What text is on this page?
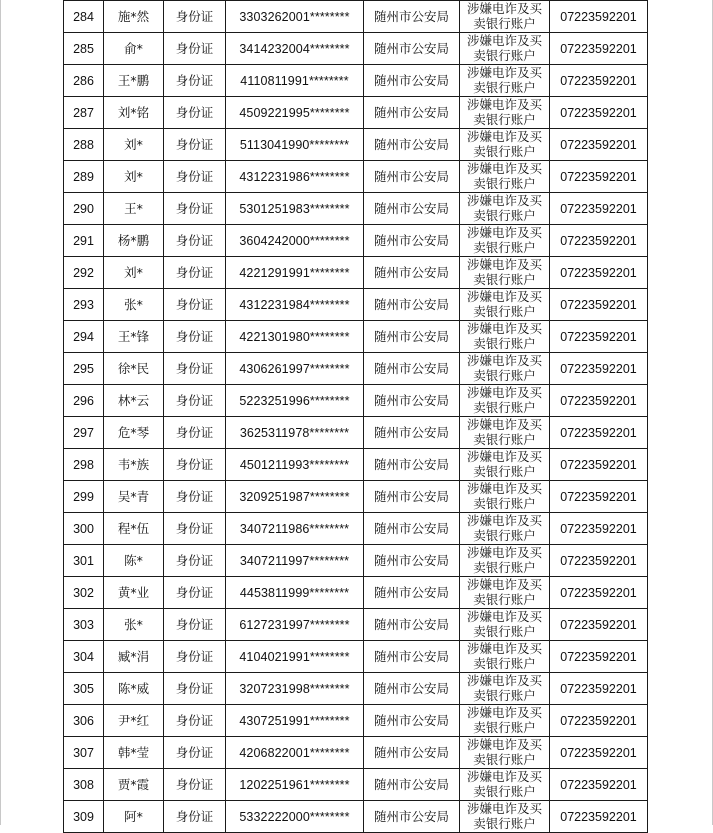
284	施*然	身份证	3303262001********	随州市公安局	涉嫌电诈及买卖银行账户	07223592201
285	俞*	身份证	3414232004********	随州市公安局	涉嫌电诈及买卖银行账户	07223592201
286	王*鹏	身份证	4110811991********	随州市公安局	涉嫌电诈及买卖银行账户	07223592201
287	刘*铭	身份证	4509221995********	随州市公安局	涉嫌电诈及买卖银行账户	07223592201
288	刘*	身份证	5113041990********	随州市公安局	涉嫌电诈及买卖银行账户	07223592201
289	刘*	身份证	4312231986********	随州市公安局	涉嫌电诈及买卖银行账户	07223592201
290	王*	身份证	5301251983********	随州市公安局	涉嫌电诈及买卖银行账户	07223592201
291	杨*鹏	身份证	3604242000********	随州市公安局	涉嫌电诈及买卖银行账户	07223592201
292	刘*	身份证	4221291991********	随州市公安局	涉嫌电诈及买卖银行账户	07223592201
293	张*	身份证	4312231984********	随州市公安局	涉嫌电诈及买卖银行账户	07223592201
294	王*锋	身份证	4221301980********	随州市公安局	涉嫌电诈及买卖银行账户	07223592201
295	徐*民	身份证	4306261997********	随州市公安局	涉嫌电诈及买卖银行账户	07223592201
296	林*云	身份证	5223251996********	随州市公安局	涉嫌电诈及买卖银行账户	07223592201
297	危*琴	身份证	3625311978********	随州市公安局	涉嫌电诈及买卖银行账户	07223592201
298	韦*族	身份证	4501211993********	随州市公安局	涉嫌电诈及买卖银行账户	07223592201
299	吴*青	身份证	3209251987********	随州市公安局	涉嫌电诈及买卖银行账户	07223592201
300	程*伍	身份证	3407211986********	随州市公安局	涉嫌电诈及买卖银行账户	07223592201
301	陈*	身份证	3407211997********	随州市公安局	涉嫌电诈及买卖银行账户	07223592201
302	黄*业	身份证	4453811999********	随州市公安局	涉嫌电诈及买卖银行账户	07223592201
303	张*	身份证	6127231997********	随州市公安局	涉嫌电诈及买卖银行账户	07223592201
304	臧*涓	身份证	4104021991********	随州市公安局	涉嫌电诈及买卖银行账户	07223592201
305	陈*威	身份证	3207231998********	随州市公安局	涉嫌电诈及买卖银行账户	07223592201
306	尹*红	身份证	4307251991********	随州市公安局	涉嫌电诈及买卖银行账户	07223592201
307	韩*莹	身份证	4206822001********	随州市公安局	涉嫌电诈及买卖银行账户	07223592201
308	贾*霞	身份证	1202251961********	随州市公安局	涉嫌电诈及买卖银行账户	07223592201
309	阿*	身份证	5332222000********	随州市公安局	涉嫌电诈及买卖银行账户	07223592201
